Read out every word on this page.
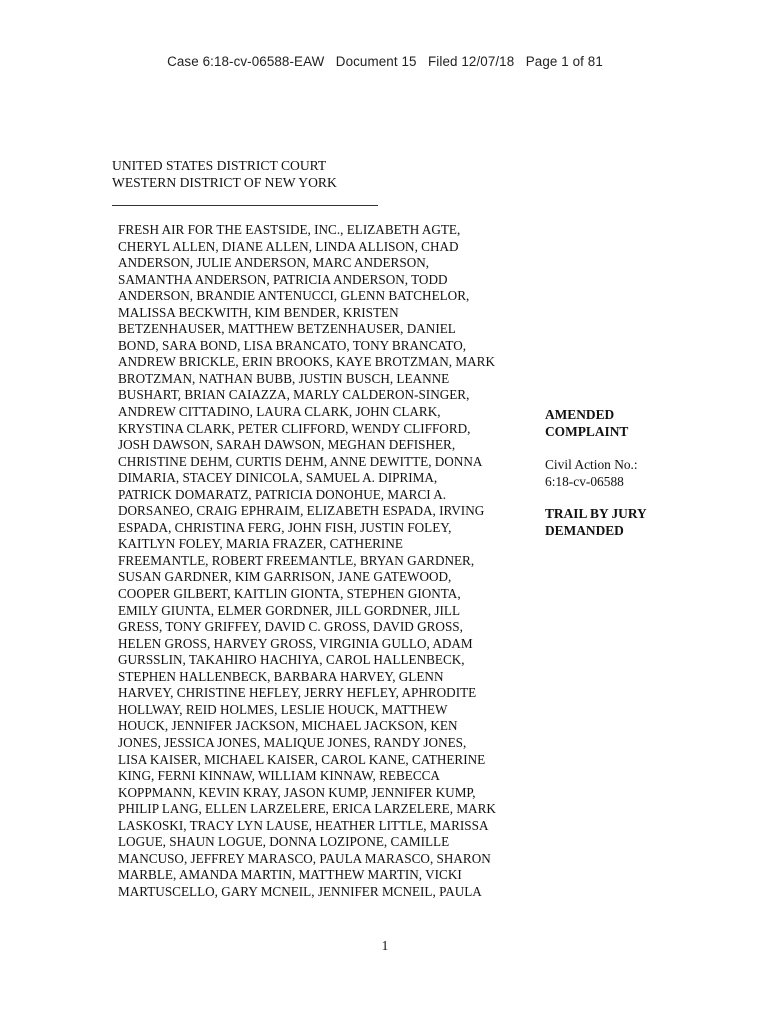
Case 6:18-cv-06588-EAW   Document 15   Filed 12/07/18   Page 1 of 81
UNITED STATES DISTRICT COURT
WESTERN DISTRICT OF NEW YORK
FRESH AIR FOR THE EASTSIDE, INC., ELIZABETH AGTE,
CHERYL ALLEN, DIANE ALLEN, LINDA ALLISON, CHAD
ANDERSON, JULIE ANDERSON, MARC ANDERSON,
SAMANTHA ANDERSON, PATRICIA ANDERSON, TODD
ANDERSON, BRANDIE ANTENUCCI, GLENN BATCHELOR,
MALISSA BECKWITH, KIM BENDER, KRISTEN
BETZENHAUSER, MATTHEW BETZENHAUSER, DANIEL
BOND, SARA BOND, LISA BRANCATO, TONY BRANCATO,
ANDREW BRICKLE, ERIN BROOKS, KAYE BROTZMAN, MARK
BROTZMAN, NATHAN BUBB, JUSTIN BUSCH, LEANNE
BUSHART, BRIAN CAIAZZA, MARLY CALDERON-SINGER,
ANDREW CITTADINO, LAURA CLARK, JOHN CLARK,
KRYSTINA CLARK, PETER CLIFFORD, WENDY CLIFFORD,
JOSH DAWSON, SARAH DAWSON, MEGHAN DEFISHER,
CHRISTINE DEHM, CURTIS DEHM, ANNE DEWITTE, DONNA
DIMARIA, STACEY DINICOLA, SAMUEL A. DIPRIMA,
PATRICK DOMARATZ, PATRICIA DONOHUE, MARCI A.
DORSANEO, CRAIG EPHRAIM, ELIZABETH ESPADA, IRVING
ESPADA, CHRISTINA FERG, JOHN FISH, JUSTIN FOLEY,
KAITLYN FOLEY, MARIA FRAZER, CATHERINE
FREEMANTLE, ROBERT FREEMANTLE, BRYAN GARDNER,
SUSAN GARDNER, KIM GARRISON, JANE GATEWOOD,
COOPER GILBERT, KAITLIN GIONTA, STEPHEN GIONTA,
EMILY GIUNTA, ELMER GORDNER, JILL GORDNER, JILL
GRESS, TONY GRIFFEY, DAVID C. GROSS, DAVID GROSS,
HELEN GROSS, HARVEY GROSS, VIRGINIA GULLO, ADAM
GURSSLIN, TAKAHIRO HACHIYA, CAROL HALLENBECK,
STEPHEN HALLENBECK, BARBARA HARVEY, GLENN
HARVEY, CHRISTINE HEFLEY, JERRY HEFLEY, APHRODITE
HOLLWAY, REID HOLMES, LESLIE HOUCK, MATTHEW
HOUCK, JENNIFER JACKSON, MICHAEL JACKSON, KEN
JONES, JESSICA JONES, MALIQUE JONES, RANDY JONES,
LISA KAISER, MICHAEL KAISER, CAROL KANE, CATHERINE
KING, FERNI KINNAW, WILLIAM KINNAW, REBECCA
KOPPMANN, KEVIN KRAY, JASON KUMP, JENNIFER KUMP,
PHILIP LANG, ELLEN LARZELERE, ERICA LARZELERE, MARK
LASKOSKI, TRACY LYN LAUSE, HEATHER LITTLE, MARISSA
LOGUE, SHAUN LOGUE, DONNA LOZIPONE, CAMILLE
MANCUSO, JEFFREY MARASCO, PAULA MARASCO, SHARON
MARBLE, AMANDA MARTIN, MATTHEW MARTIN, VICKI
MARTUSCELLO, GARY MCNEIL, JENNIFER MCNEIL, PAULA
AMENDED
COMPLAINT
Civil Action No.:
6:18-cv-06588
TRAIL BY JURY
DEMANDED
1
